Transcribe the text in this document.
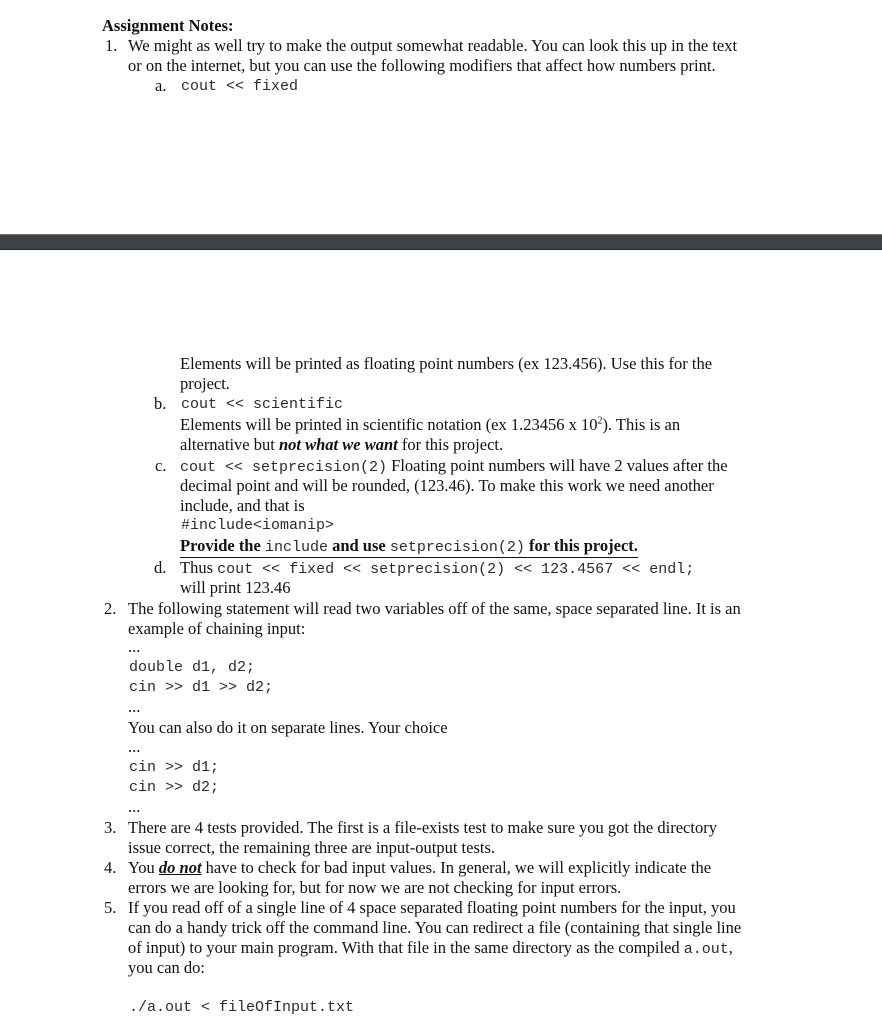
Assignment Notes:
1. We might as well try to make the output somewhat readable. You can look this up in the text
or on the internet, but you can use the following modifiers that affect how numbers print.
a. cout << fixed
Elements will be printed as floating point numbers (ex 123.456). Use this for the
project.
b. cout << scientific
Elements will be printed in scientific notation (ex 1.23456 x $10^2$). This is an
alternative but not what we want for this project.
c. cout << setprecision(2) Floating point numbers will have 2 values after the
decimal point and will be rounded, (123.46). To make this work we need another
include, and that is
#include<iomanip>
Provide the include and use setprecision(2) for this project.
d. Thus cout << fixed << setprecision(2) << 123.4567 << endl;
will print 123.46
2. The following statement will read two variables off of the same, space separated line. It is an
example of chaining input:
...
double d1, d2;
cin >> d1 >> d2;
...
You can also do it on separate lines. Your choice
...
cin >> d1;
cin >> d2;
...
3. There are 4 tests provided. The first is a file-exists test to make sure you got the directory
issue correct, the remaining three are input-output tests.
4. You do not have to check for bad input values. In general, we will explicitly indicate the
errors we are looking for, but for now we are not checking for input errors.
5. If you read off of a single line of 4 space separated floating point numbers for the input, you
can do a handy trick off the command line. You can redirect a file (containing that single line
of input) to your main program. With that file in the same directory as the compiled a.out,
you can do:
./a.out < fileOfInput.txt
